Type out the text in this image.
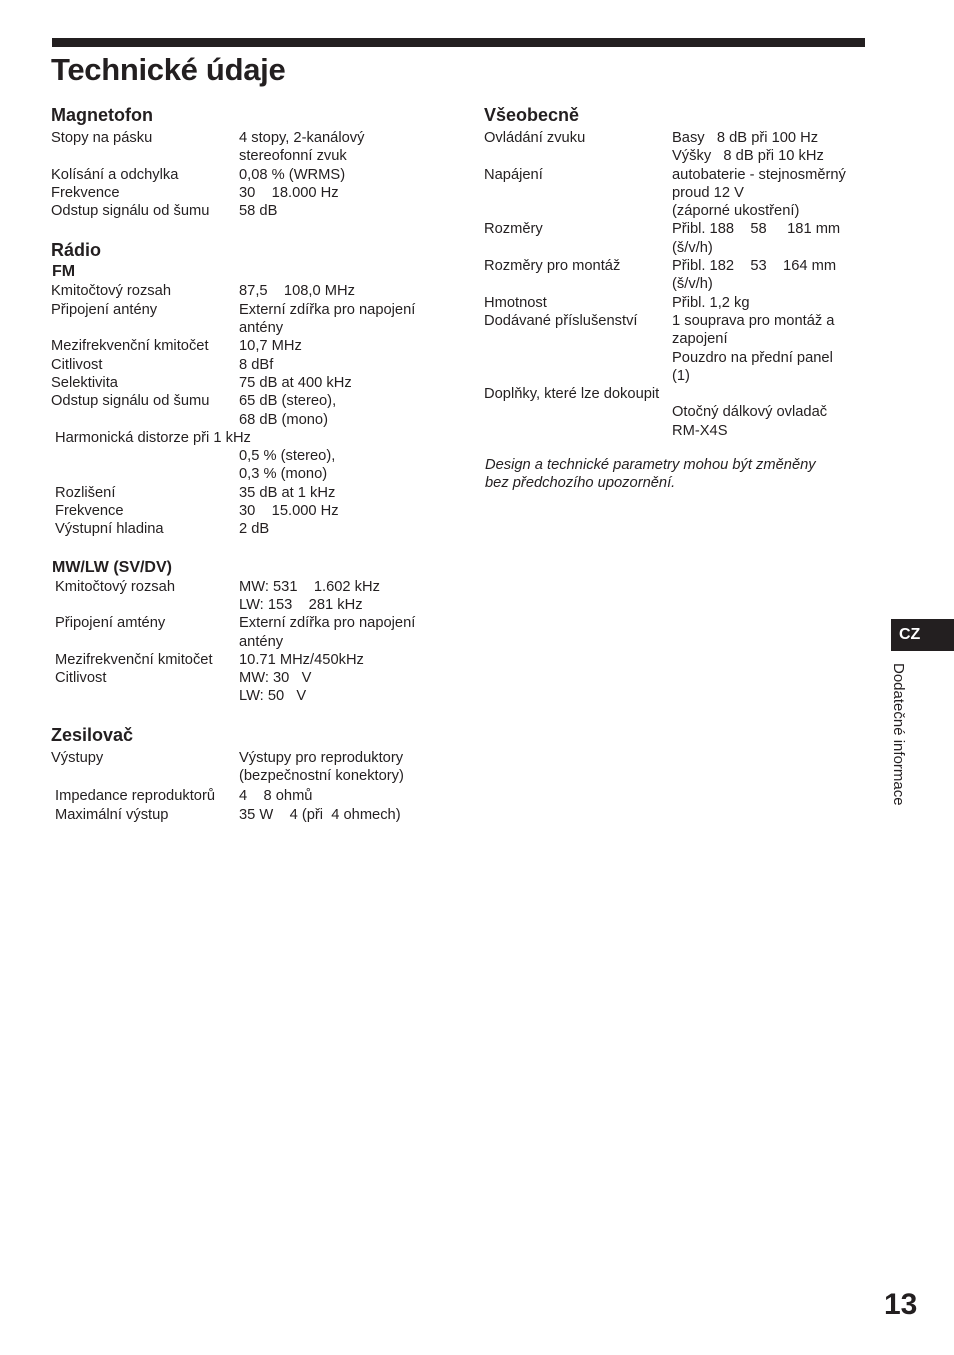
Technické údaje
Magnetofon
Stopy na pásku	4 stopy, 2-kanálový
stereofonní zvuk
Kolísání a odchylka	0,08 % (WRMS)
Frekvence	30    18.000 Hz
Odstup signálu od šumu	58 dB
Rádio
FM
Kmitočtový rozsah	87,5    108,0 MHz
Připojení antény	Externí zdířka pro napojení
antény
Mezifrekvenční kmitočet	10,7 MHz
Citlivost	8 dBf
Selektivita	75 dB at 400 kHz
Odstup signálu od šumu	65 dB (stereo),
68 dB (mono)
Harmonická distorze při 1 kHz
0,5 % (stereo),
0,3 % (mono)
Rozlišení	35 dB at 1 kHz
Frekvence	30    15.000 Hz
Výstupní hladina	2 dB
MW/LW (SV/DV)
Kmitočtový rozsah	MW: 531    1.602 kHz
LW: 153    281 kHz
Připojení amtény	Externí zdířka pro napojení
antény
Mezifrekvenční kmitočet	10.71 MHz/450kHz
Citlivost	MW: 30   V
LW: 50   V
Zesilovač
Výstupy	Výstupy pro reproduktory
(bezpečnostní konektory)
Impedance reproduktorů	4    8 ohmů
Maximální výstup	35 W    4 (při  4 ohmech)
Všeobecně
Ovládání zvuku	Basy   8 dB při 100 Hz
Výšky   8 dB při 10 kHz
Napájení	autobaterie - stejnosměrný
proud 12 V
(záporné ukostření)
Rozměry	Přibl. 188    58     181 mm
(š/v/h)
Rozměry pro montáž	Přibl. 182    53    164 mm
(š/v/h)
Hmotnost	Přibl. 1,2 kg
Dodávané příslušenství	1 souprava pro montáž a
zapojení
Pouzdro na přední panel
(1)
Doplňky, které lze dokoupit
Otočný dálkový ovladač
RM-X4S
Design a technické parametry mohou být změněny
bez předchozího upozornění.
CZ
Dodatečné informace
13
